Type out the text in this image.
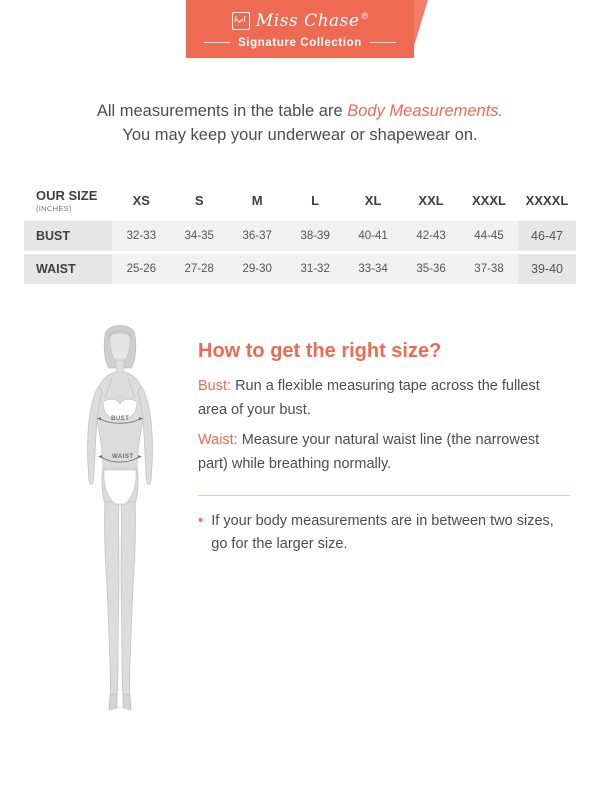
Miss Chase ®
Signature Collection
All measurements in the table are Body Measurements.
You may keep your underwear or shapewear on.
OUR SIZE
(INCHES)	XS	S	M	L	XL	XXL	XXXL	XXXXL
BUST	32-33	34-35	36-37	38-39	40-41	42-43	44-45	46-47
WAIST	25-26	27-28	29-30	31-32	33-34	35-36	37-38	39-40
BUST
WAIST
How to get the right size?

Bust: Run a flexible measuring tape across the fullest area of your bust.

Waist: Measure your natural waist line (the narrowest part) while breathing normally.

• If your body measurements are in between two sizes, go for the larger size.
